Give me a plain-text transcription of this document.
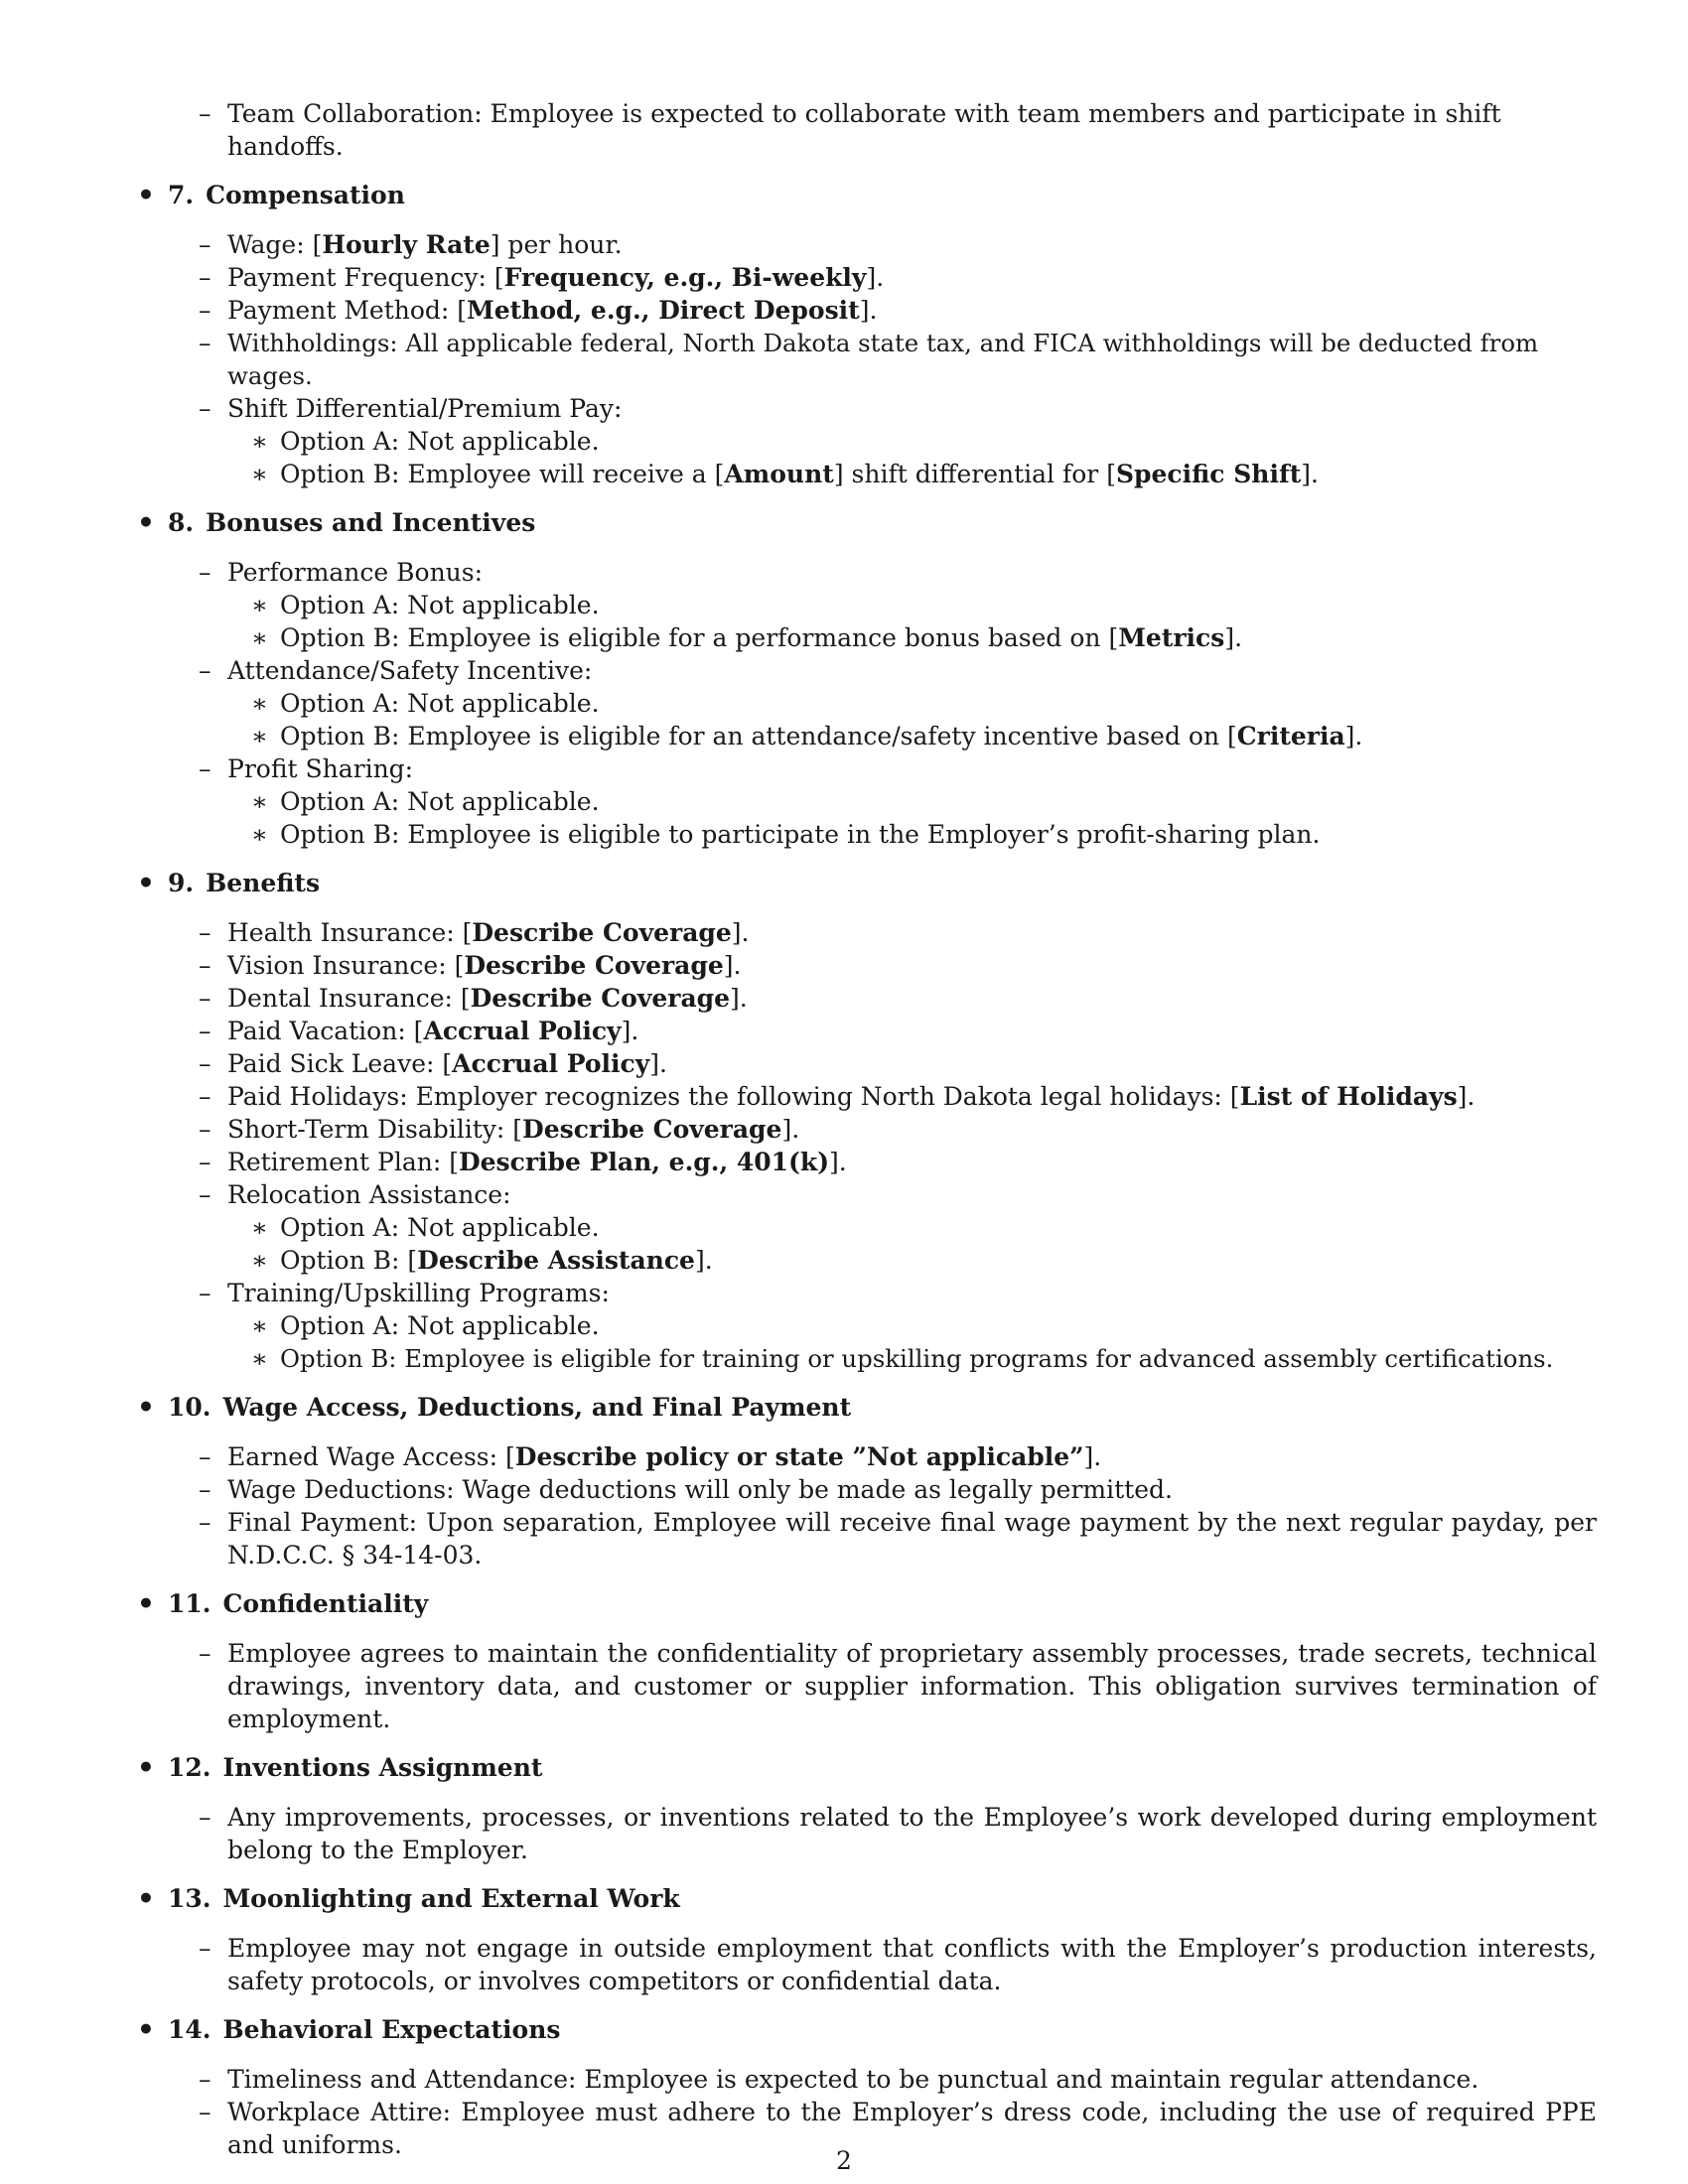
– Team Collaboration: Employee is expected to collaborate with team members and participate in shift handoffs.
• 7. Compensation
– Wage: [Hourly Rate] per hour.
– Payment Frequency: [Frequency, e.g., Bi-weekly].
– Payment Method: [Method, e.g., Direct Deposit].
– Withholdings: All applicable federal, North Dakota state tax, and FICA withholdings will be deducted from wages.
– Shift Differential/Premium Pay:
∗ Option A: Not applicable.
∗ Option B: Employee will receive a [Amount] shift differential for [Specific Shift].
• 8. Bonuses and Incentives
– Performance Bonus:
∗ Option A: Not applicable.
∗ Option B: Employee is eligible for a performance bonus based on [Metrics].
– Attendance/Safety Incentive:
∗ Option A: Not applicable.
∗ Option B: Employee is eligible for an attendance/safety incentive based on [Criteria].
– Profit Sharing:
∗ Option A: Not applicable.
∗ Option B: Employee is eligible to participate in the Employer’s profit-sharing plan.
• 9. Benefits
– Health Insurance: [Describe Coverage].
– Vision Insurance: [Describe Coverage].
– Dental Insurance: [Describe Coverage].
– Paid Vacation: [Accrual Policy].
– Paid Sick Leave: [Accrual Policy].
– Paid Holidays: Employer recognizes the following North Dakota legal holidays: [List of Holidays].
– Short-Term Disability: [Describe Coverage].
– Retirement Plan: [Describe Plan, e.g., 401(k)].
– Relocation Assistance:
∗ Option A: Not applicable.
∗ Option B: [Describe Assistance].
– Training/Upskilling Programs:
∗ Option A: Not applicable.
∗ Option B: Employee is eligible for training or upskilling programs for advanced assembly certifications.
• 10. Wage Access, Deductions, and Final Payment
– Earned Wage Access: [Describe policy or state ”Not applicable”].
– Wage Deductions: Wage deductions will only be made as legally permitted.
– Final Payment: Upon separation, Employee will receive final wage payment by the next regular payday, per N.D.C.C. § 34-14-03.
• 11. Confidentiality
– Employee agrees to maintain the confidentiality of proprietary assembly processes, trade secrets, technical drawings, inventory data, and customer or supplier information. This obligation survives termination of employment.
• 12. Inventions Assignment
– Any improvements, processes, or inventions related to the Employee’s work developed during employment belong to the Employer.
• 13. Moonlighting and External Work
– Employee may not engage in outside employment that conflicts with the Employer’s production interests, safety protocols, or involves competitors or confidential data.
• 14. Behavioral Expectations
– Timeliness and Attendance: Employee is expected to be punctual and maintain regular attendance.
– Workplace Attire: Employee must adhere to the Employer’s dress code, including the use of required PPE and uniforms.
2
